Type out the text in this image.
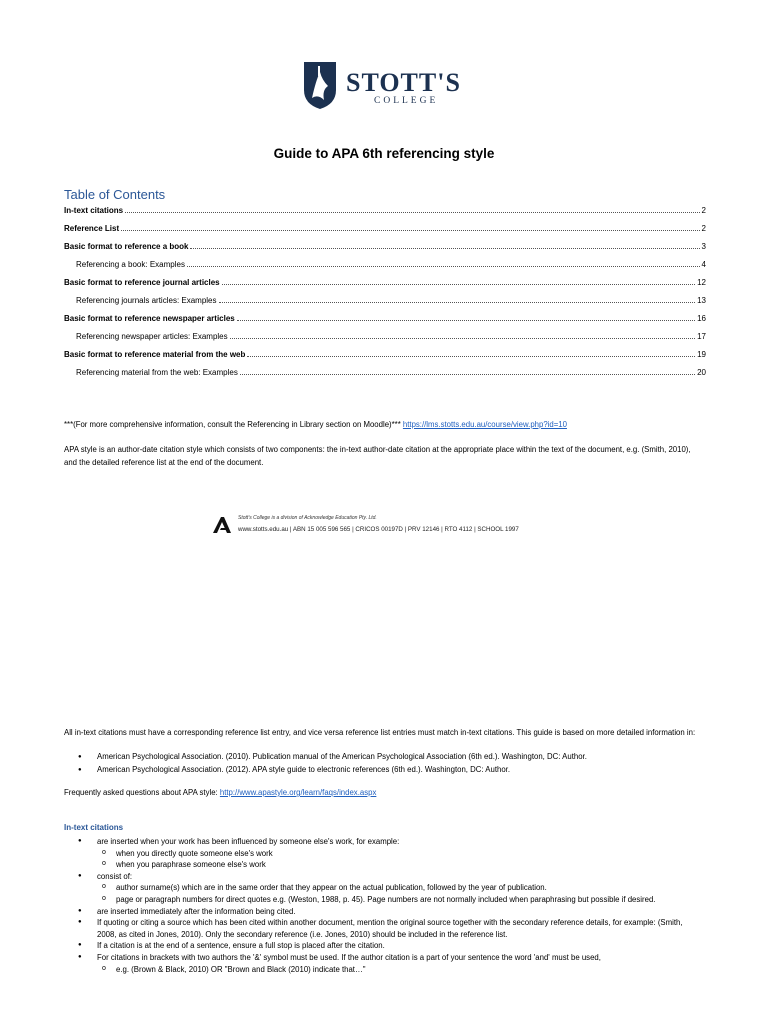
STOTT'S
COLLEGE
Guide to APA 6th referencing style
Table of Contents
In-text citations	2
Reference List	2
Basic format to reference a book	3
Referencing a book: Examples	4
Basic format to reference journal articles	12
Referencing journals articles: Examples	13
Basic format to reference newspaper articles	16
Referencing newspaper articles: Examples	17
Basic format to reference material from the web	19
Referencing material from the web: Examples	20
***(For more comprehensive information, consult the Referencing in Library section on Moodle)*** https://lms.stotts.edu.au/course/view.php?id=10
APA style is an author-date citation style which consists of two components: the in-text author-date citation at the appropriate place within the text of the document, e.g. (Smith, 2010), and the detailed reference list at the end of the document.
Stott's College is a division of Acknowledge Education Pty. Ltd.
www.stotts.edu.au | ABN 15 005 596 565 | CRICOS 00197D | PRV 12146 | RTO 4112 | SCHOOL 1997
All in-text citations must have a corresponding reference list entry, and vice versa reference list entries must match in-text citations. This guide is based on more detailed information in:
● American Psychological Association. (2010). Publication manual of the American Psychological Association (6th ed.). Washington, DC: Author.
● American Psychological Association. (2012). APA style guide to electronic references (6th ed.). Washington, DC: Author.
Frequently asked questions about APA style: http://www.apastyle.org/learn/faqs/index.aspx
In-text citations
● are inserted when your work has been influenced by someone else's work, for example:
o when you directly quote someone else's work
o when you paraphrase someone else's work
● consist of:
o author surname(s) which are in the same order that they appear on the actual publication, followed by the year of publication.
o page or paragraph numbers for direct quotes e.g. (Weston, 1988, p. 45). Page numbers are not normally included when paraphrasing but possible if desired.
● are inserted immediately after the information being cited.
● If quoting or citing a source which has been cited within another document, mention the original source together with the secondary reference details, for example: (Smith, 2008, as cited in Jones, 2010). Only the secondary reference (i.e. Jones, 2010) should be included in the reference list.
● If a citation is at the end of a sentence, ensure a full stop is placed after the citation.
● For citations in brackets with two authors the '&' symbol must be used. If the author citation is a part of your sentence the word 'and' must be used,
o e.g. (Brown & Black, 2010) OR "Brown and Black (2010) indicate that…"
